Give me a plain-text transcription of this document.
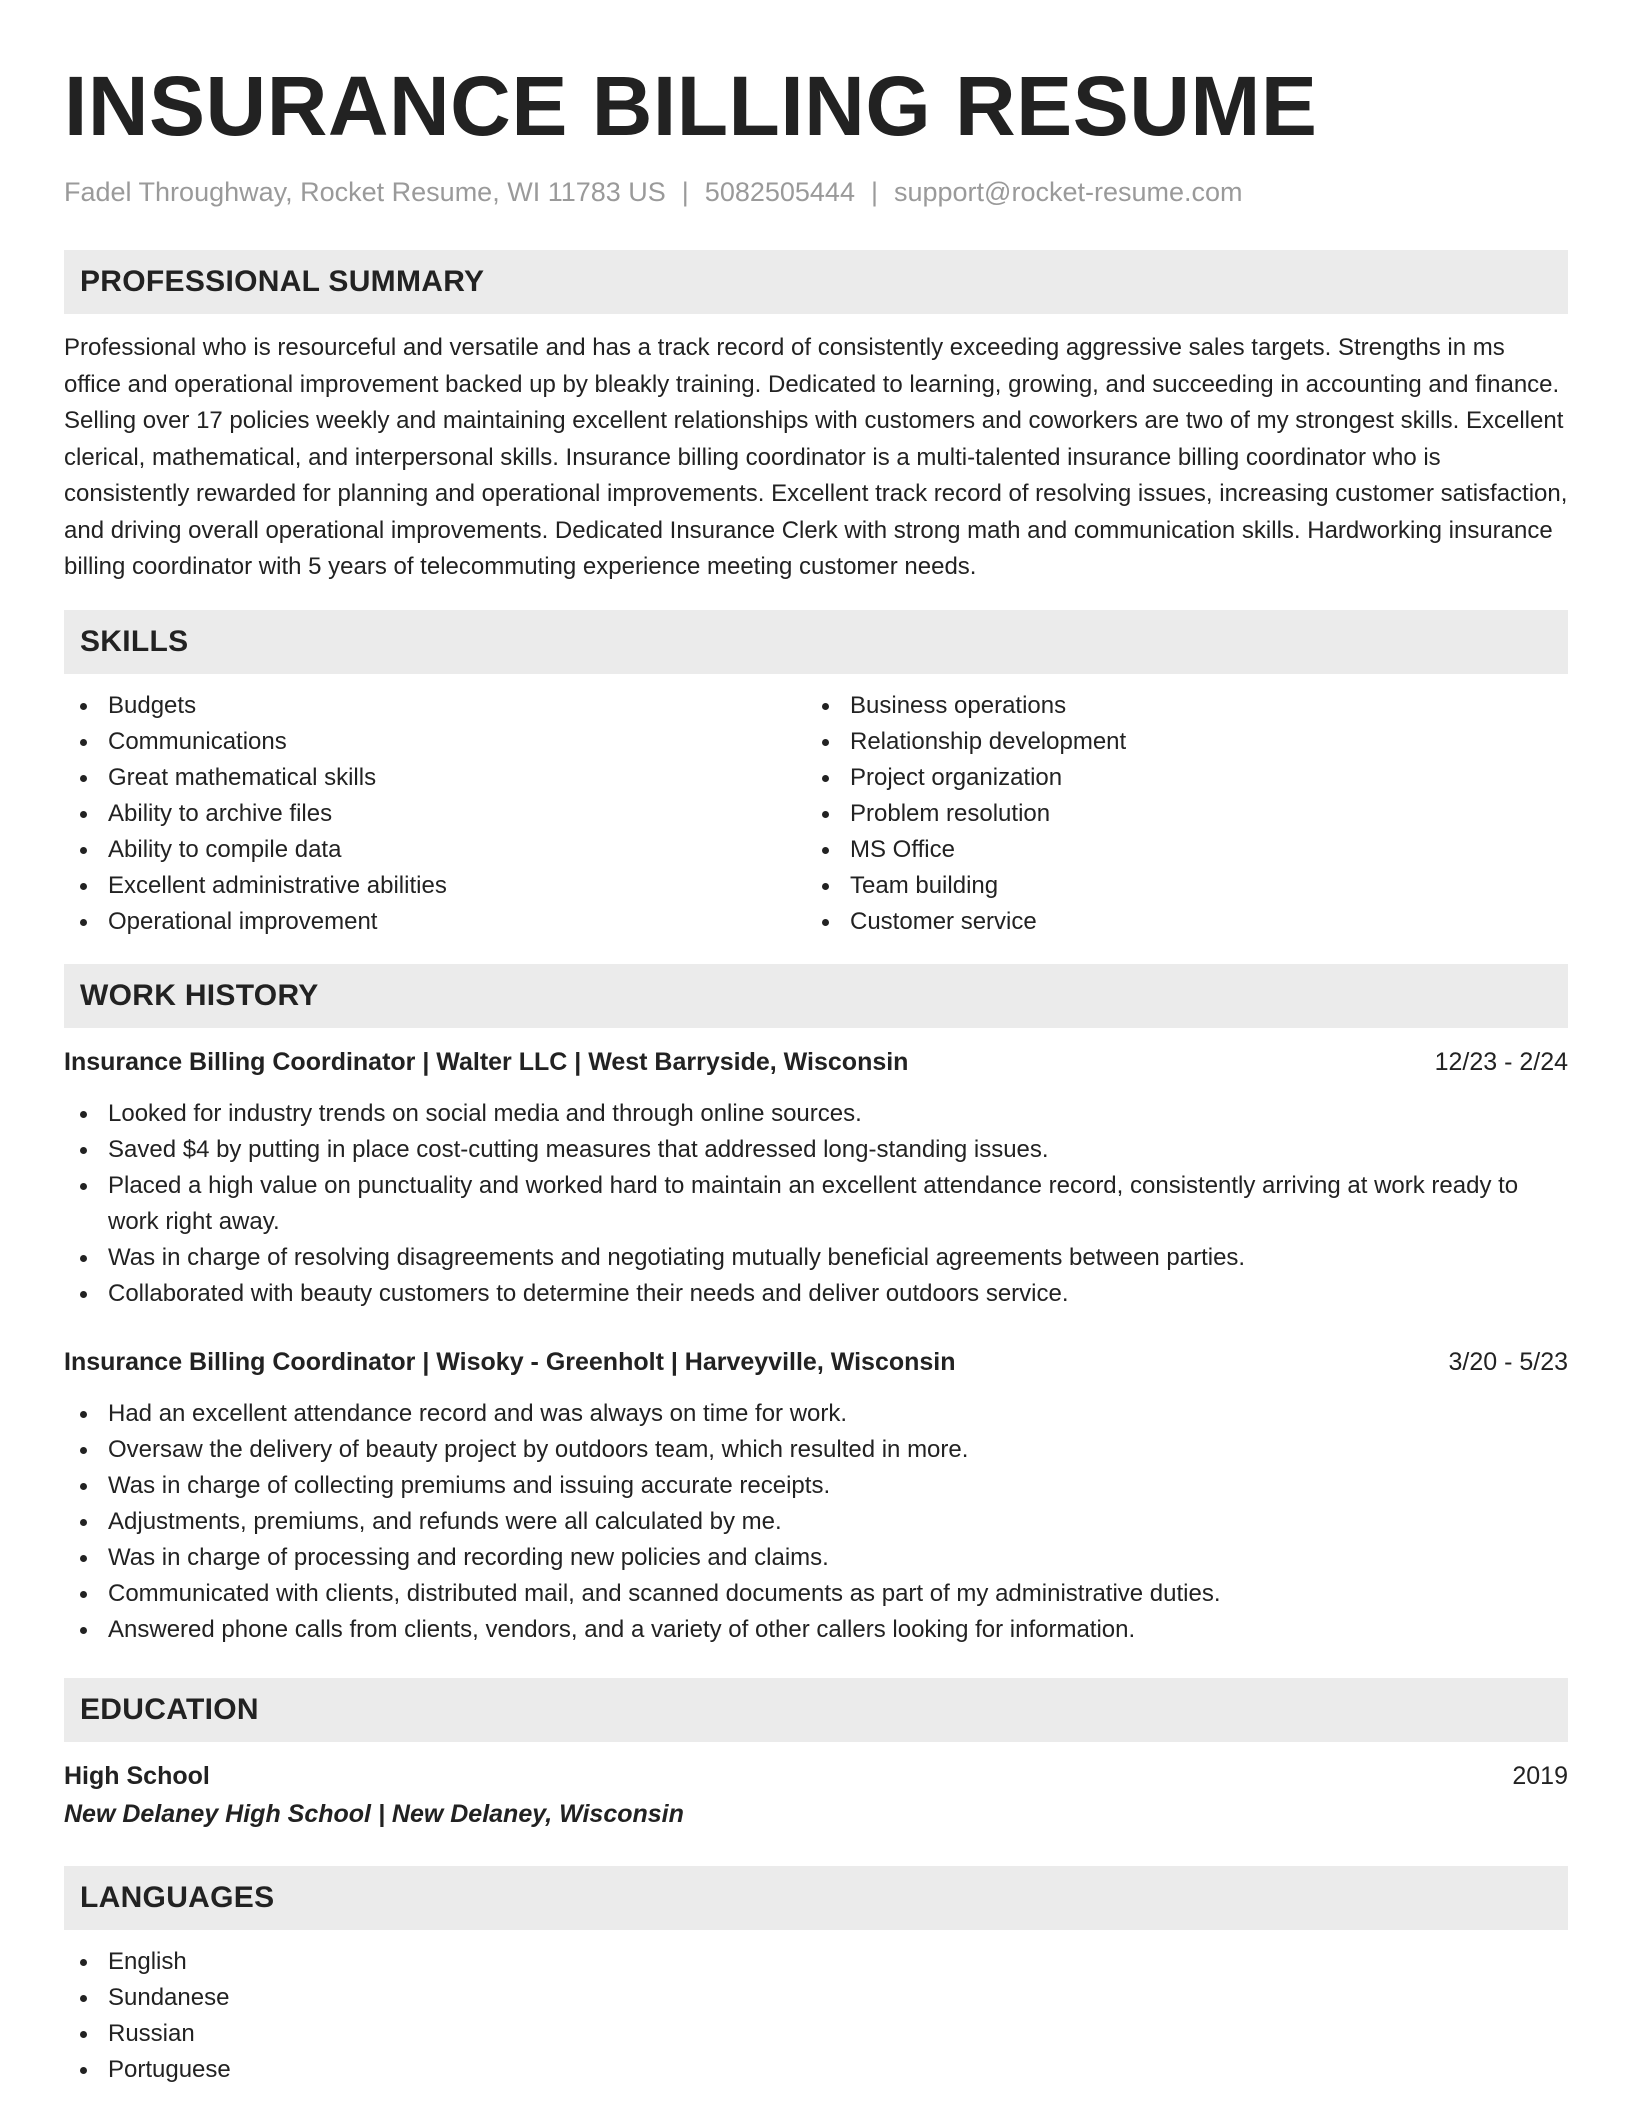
INSURANCE BILLING RESUME
Fadel Throughway, Rocket Resume, WI 11783 US | 5082505444 | support@rocket-resume.com
PROFESSIONAL SUMMARY

Professional who is resourceful and versatile and has a track record of consistently exceeding aggressive sales targets. Strengths in ms office and operational improvement backed up by bleakly training. Dedicated to learning, growing, and succeeding in accounting and finance. Selling over 17 policies weekly and maintaining excellent relationships with customers and coworkers are two of my strongest skills. Excellent clerical, mathematical, and interpersonal skills. Insurance billing coordinator is a multi-talented insurance billing coordinator who is consistently rewarded for planning and operational improvements. Excellent track record of resolving issues, increasing customer satisfaction, and driving overall operational improvements. Dedicated Insurance Clerk with strong math and communication skills. Hardworking insurance billing coordinator with 5 years of telecommuting experience meeting customer needs.

SKILLS
Budgets
Communications
Great mathematical skills
Ability to archive files
Ability to compile data
Excellent administrative abilities
Operational improvement
Business operations
Relationship development
Project organization
Problem resolution
MS Office
Team building
Customer service
WORK HISTORY
Insurance Billing Coordinator | Walter LLC | West Barryside, Wisconsin	12/23 - 2/24
Looked for industry trends on social media and through online sources.
Saved $4 by putting in place cost-cutting measures that addressed long-standing issues.
Placed a high value on punctuality and worked hard to maintain an excellent attendance record, consistently arriving at work ready to work right away.
Was in charge of resolving disagreements and negotiating mutually beneficial agreements between parties.
Collaborated with beauty customers to determine their needs and deliver outdoors service.
Insurance Billing Coordinator | Wisoky - Greenholt | Harveyville, Wisconsin	3/20 - 5/23
Had an excellent attendance record and was always on time for work.
Oversaw the delivery of beauty project by outdoors team, which resulted in more.
Was in charge of collecting premiums and issuing accurate receipts.
Adjustments, premiums, and refunds were all calculated by me.
Was in charge of processing and recording new policies and claims.
Communicated with clients, distributed mail, and scanned documents as part of my administrative duties.
Answered phone calls from clients, vendors, and a variety of other callers looking for information.
EDUCATION
High School	2019
New Delaney High School | New Delaney, Wisconsin
LANGUAGES
English
Sundanese
Russian
Portuguese
